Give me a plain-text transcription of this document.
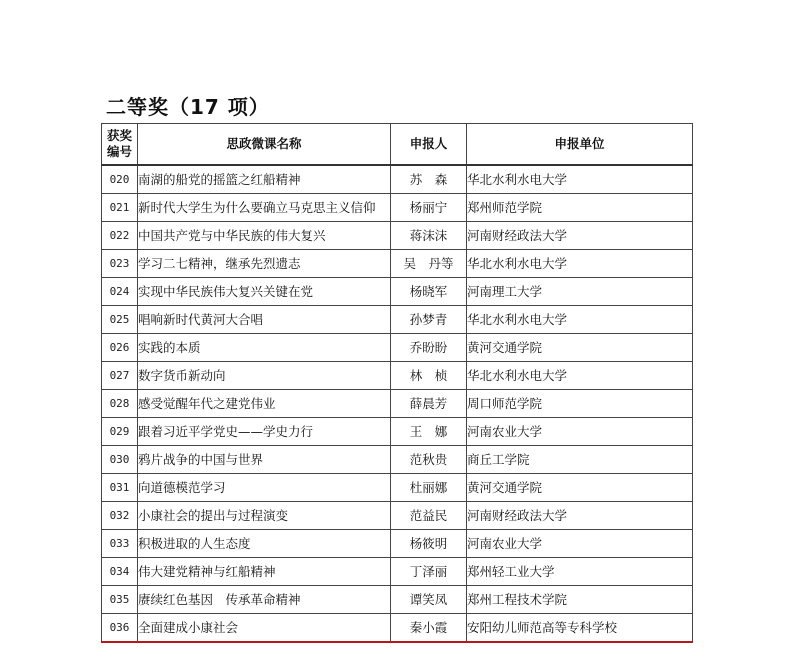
二等奖（17 项）
获奖
编号	思政微课名称	申报人	申报单位
020	南湖的船党的摇篮之红船精神	苏　森	华北水利水电大学
021	新时代大学生为什么要确立马克思主义信仰	杨丽宁	郑州师范学院
022	中国共产党与中华民族的伟大复兴	蒋沫沫	河南财经政法大学
023	学习二七精神，继承先烈遗志	吴　丹等	华北水利水电大学
024	实现中华民族伟大复兴关键在党	杨晓军	河南理工大学
025	唱响新时代黄河大合唱	孙梦青	华北水利水电大学
026	实践的本质	乔盼盼	黄河交通学院
027	数字货币新动向	林　桢	华北水利水电大学
028	感受觉醒年代之建党伟业	薛晨芳	周口师范学院
029	跟着习近平学党史——学史力行	王　娜	河南农业大学
030	鸦片战争的中国与世界	范秋贵	商丘工学院
031	向道德模范学习	杜丽娜	黄河交通学院
032	小康社会的提出与过程演变	范益民	河南财经政法大学
033	积极进取的人生态度	杨筱明	河南农业大学
034	伟大建党精神与红船精神	丁泽丽	郑州轻工业大学
035	赓续红色基因　传承革命精神	谭笑凤	郑州工程技术学院
036	全面建成小康社会	秦小霞	安阳幼儿师范高等专科学校
